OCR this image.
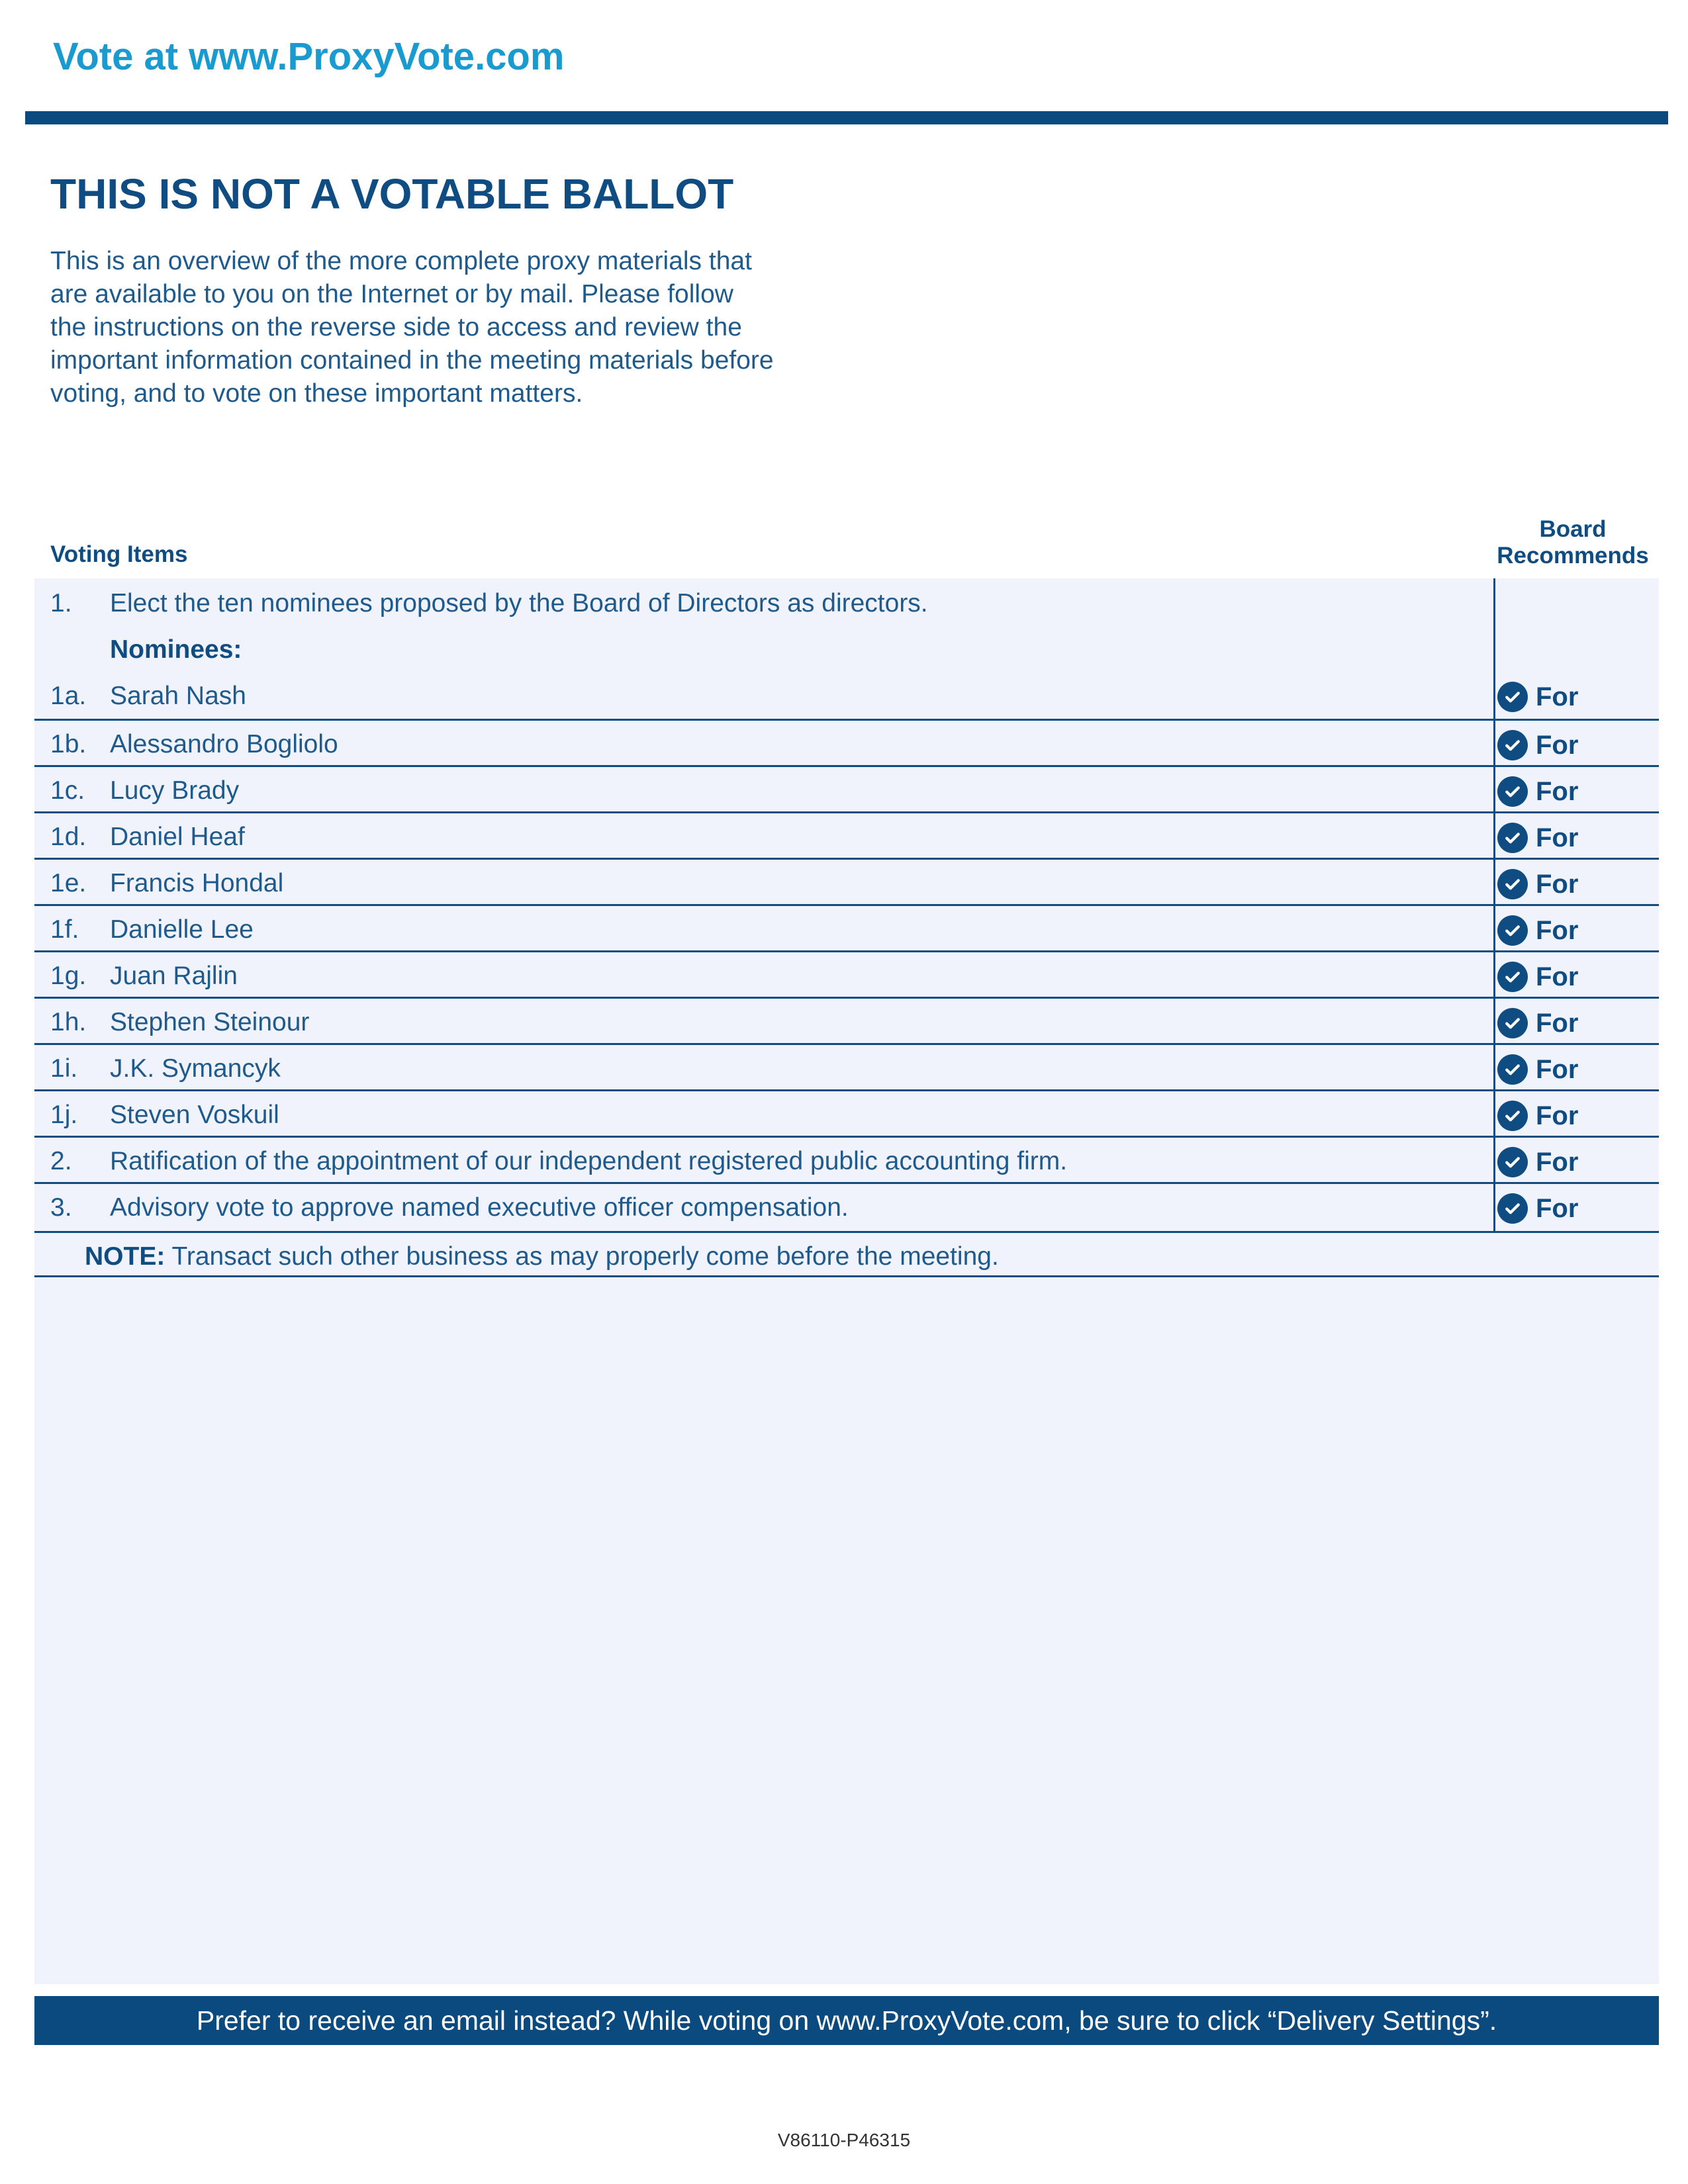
Vote at www.ProxyVote.com
THIS IS NOT A VOTABLE BALLOT

This is an overview of the more complete proxy materials that
are available to you on the Internet or by mail. Please follow
the instructions on the reverse side to access and review the
important information contained in the meeting materials before
voting, and to vote on these important matters.

Voting Items
Board
Recommends
1. Elect the ten nominees proposed by the Board of Directors as directors.
Nominees:
1a. Sarah Nash	For
1b. Alessandro Bogliolo	For
1c. Lucy Brady	For
1d. Daniel Heaf	For
1e. Francis Hondal	For
1f. Danielle Lee	For
1g. Juan Rajlin	For
1h. Stephen Steinour	For
1i. J.K. Symancyk	For
1j. Steven Voskuil	For
2. Ratification of the appointment of our independent registered public accounting firm.	For
3. Advisory vote to approve named executive officer compensation.	For
NOTE: Transact such other business as may properly come before the meeting.
Prefer to receive an email instead? While voting on www.ProxyVote.com, be sure to click “Delivery Settings”.
V86110-P46315
